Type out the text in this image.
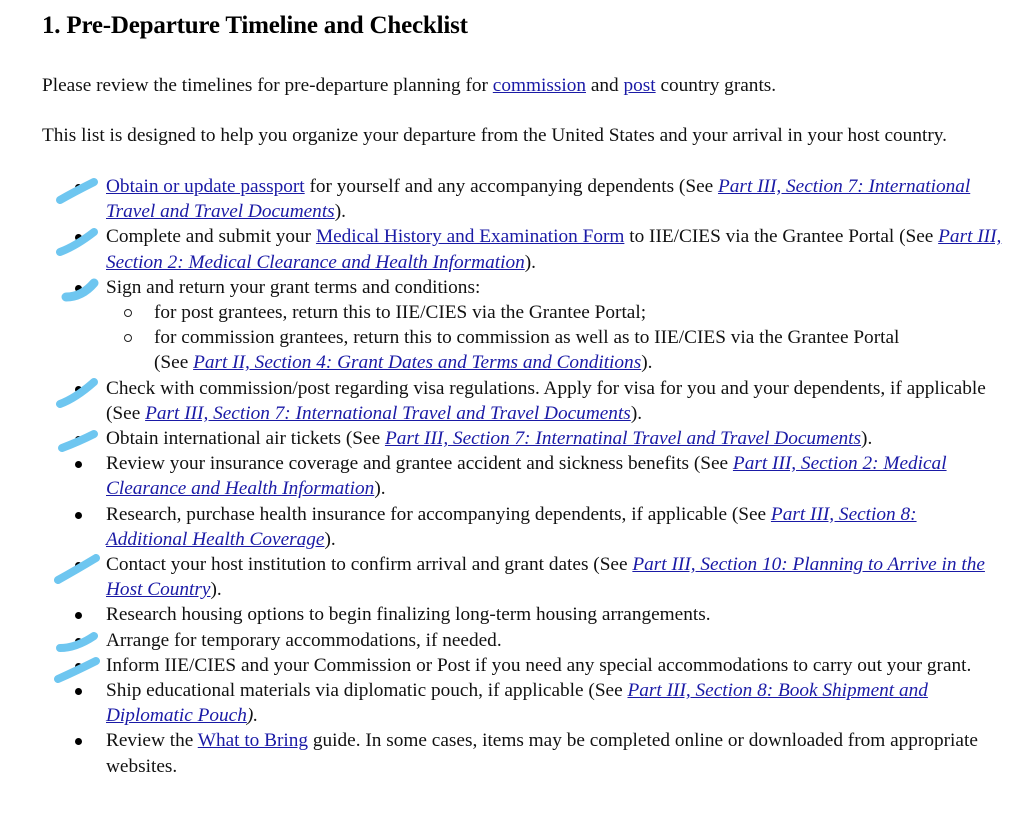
1. Pre-Departure Timeline and Checklist

Please review the timelines for pre-departure planning for commission and post country grants.

This list is designed to help you organize your departure from the United States and your arrival in your host country.

Obtain or update passport for yourself and any accompanying dependents (See Part III, Section 7: International Travel and Travel Documents).
Complete and submit your Medical History and Examination Form to IIE/CIES via the Grantee Portal (See Part III, Section 2: Medical Clearance and Health Information).
Sign and return your grant terms and conditions:
for post grantees, return this to IIE/CIES via the Grantee Portal;
for commission grantees, return this to commission as well as to IIE/CIES via the Grantee Portal
(See Part II, Section 4: Grant Dates and Terms and Conditions).
Check with commission/post regarding visa regulations. Apply for visa for you and your dependents, if applicable (See Part III, Section 7: International Travel and Travel Documents).
Obtain international air tickets (See Part III, Section 7: Internatinal Travel and Travel Documents).
Review your insurance coverage and grantee accident and sickness benefits (See Part III, Section 2: Medical Clearance and Health Information).
Research, purchase health insurance for accompanying dependents, if applicable (See Part III, Section 8: Additional Health Coverage).
Contact your host institution to confirm arrival and grant dates (See Part III, Section 10: Planning to Arrive in the Host Country).
Research housing options to begin finalizing long-term housing arrangements.
Arrange for temporary accommodations, if needed.
Inform IIE/CIES and your Commission or Post if you need any special accommodations to carry out your grant.
Ship educational materials via diplomatic pouch, if applicable (See Part III, Section 8: Book Shipment and Diplomatic Pouch).
Review the What to Bring guide. In some cases, items may be completed online or downloaded from appropriate websites.
